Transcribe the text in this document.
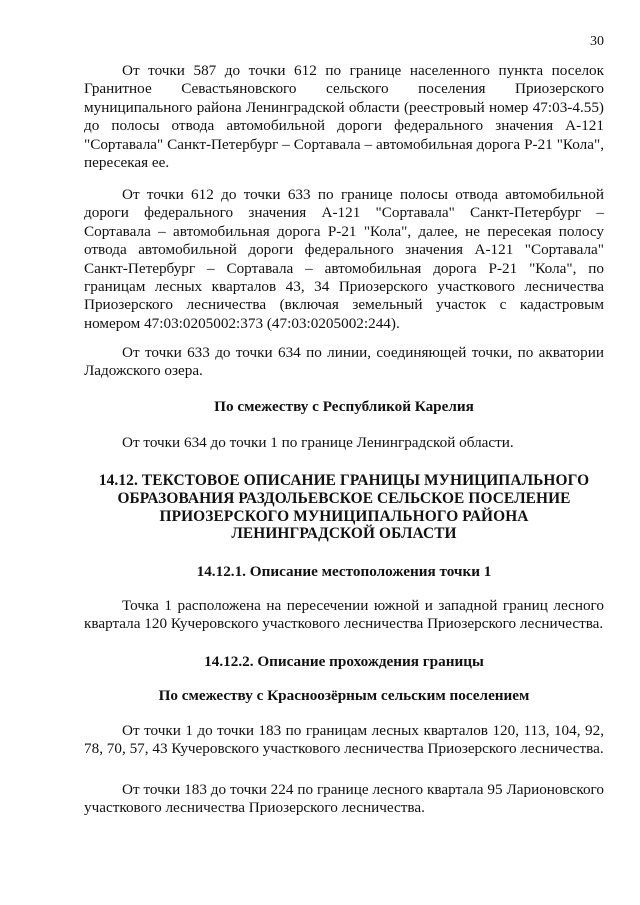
30

От точки 587 до точки 612 по границе населенного пункта поселок Гранитное Севастьяновского сельского поселения Приозерского муниципального района Ленинградской области (реестровый номер 47:03-4.55) до полосы отвода автомобильной дороги федерального значения А-121 "Сортавала" Санкт-Петербург – Сортавала – автомобильная дорога Р-21 "Кола", пересекая ее.

От точки 612 до точки 633 по границе полосы отвода автомобильной дороги федерального значения А-121 "Сортавала" Санкт-Петербург – Сортавала – автомобильная дорога Р-21 "Кола", далее, не пересекая полосу отвода автомобильной дороги федерального значения А-121 "Сортавала" Санкт-Петербург – Сортавала – автомобильная дорога Р-21 "Кола", по границам лесных кварталов 43, 34 Приозерского участкового лесничества Приозерского лесничества (включая земельный участок с кадастровым номером 47:03:0205002:373 (47:03:0205002:244).

От точки 633 до точки 634 по линии, соединяющей точки, по акватории Ладожского озера.

По смежеству с Республикой Карелия

От точки 634 до точки 1 по границе Ленинградской области.

14.12. ТЕКСТОВОЕ ОПИСАНИЕ ГРАНИЦЫ МУНИЦИПАЛЬНОГО

ОБРАЗОВАНИЯ РАЗДОЛЬЕВСКОЕ СЕЛЬСКОЕ ПОСЕЛЕНИЕ

ПРИОЗЕРСКОГО МУНИЦИПАЛЬНОГО РАЙОНА

ЛЕНИНГРАДСКОЙ ОБЛАСТИ

14.12.1. Описание местоположения точки 1

Точка 1 расположена на пересечении южной и западной границ лесного квартала 120 Кучеровского участкового лесничества Приозерского лесничества.

14.12.2. Описание прохождения границы

По смежеству с Красноозёрным сельским поселением

От точки 1 до точки 183 по границам лесных кварталов 120, 113, 104, 92, 78, 70, 57, 43 Кучеровского участкового лесничества Приозерского лесничества.

От точки 183 до точки 224 по границе лесного квартала 95 Ларионовского участкового лесничества Приозерского лесничества.
